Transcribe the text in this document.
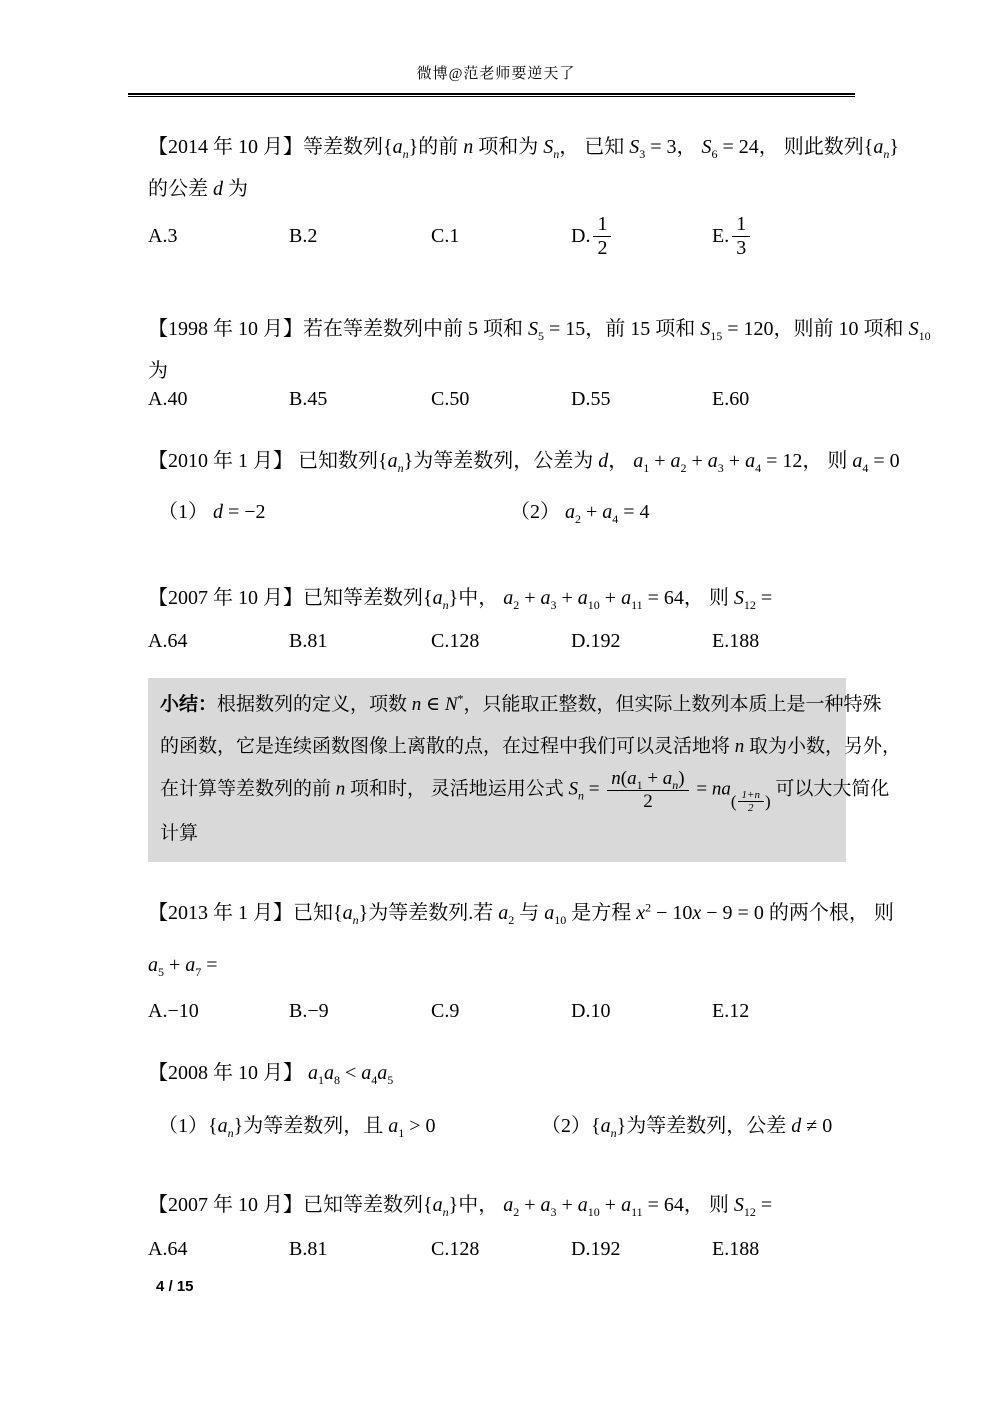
微博@范老师要逆天了

【2014 年 10 月】等差数列$\{a_n\}$的前 n 项和为 $S_n$， 已知 $S_3 = 3$， $S_6 = 24$， 则此数列$\{a_n\}$

的公差 d 为

A.3	B.2	C.1	D. $\frac{1}{2}$	E. $\frac{1}{3}$

【1998 年 10 月】若在等差数列中前 5 项和 $S_5 = 15$，前 15 项和 $S_{15} = 120$，则前 10 项和 $S_{10}$

为

A.40	B.45	C.50	D.55	E.60

【2010 年 1 月】 已知数列$\{a_n\}$为等差数列，公差为 d， $a_1 + a_2 + a_3 + a_4 = 12$， 则 $a_4 = 0$

（1） d = −2	（2） $a_2 + a_4 = 4$

【2007 年 10 月】已知等差数列$\{a_n\}$中， $a_2 + a_3 + a_{10} + a_{11} = 64$， 则 $S_{12}$ =

A.64	B.81	C.128	D.192	E.188

小结：根据数列的定义，项数 n ∈ N*，只能取正整数，但实际上数列本质上是一种特殊

的函数，它是连续函数图像上离散的点，在过程中我们可以灵活地将 n 取为小数，另外，

在计算等差数列的前 n 项和时， 灵活地运用公式 $S_n = \frac{n(a_1 + a_n)}{2}$ = na
$_{( \frac{1+n}{2} )}$
可以大大简化

计算

【2013 年 1 月】已知$\{a_n\}$为等差数列.若 $a_2$ 与 $a_{10}$ 是方程 $x^2 - 10x - 9 = 0$ 的两个根， 则

$a_5 + a_7$ =

A.−10	B.−9	C.9	D.10	E.12

【2008 年 10 月】 $a_1a_8 < a_4a_5$

$(1)\{a_n\}$为等差数列，且 $a_1 > 0$	$(2)\{a_n\}$为等差数列，公差 d ≠ 0

【2007 年 10 月】已知等差数列$\{a_n\}$中， $a_2 + a_3 + a_{10} + a_{11} = 64$， 则 $S_{12}$ =

A.64	B.81	C.128	D.192	E.188
4 / 15
